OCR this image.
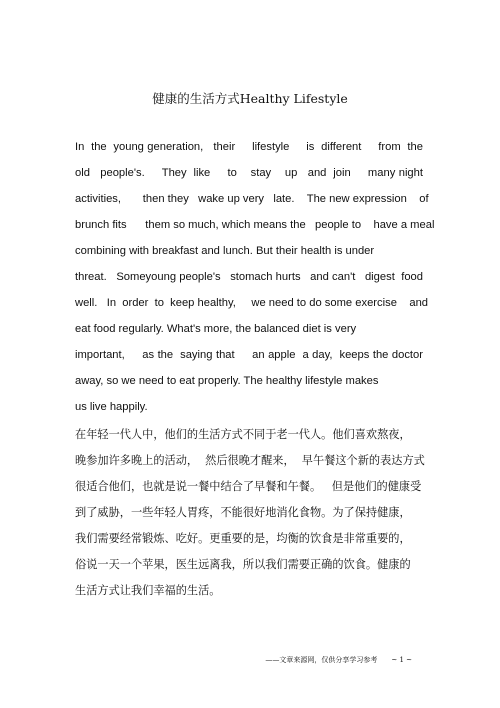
健康的生活方式Healthy Lifestyle
In  the  young generation,   their     lifestyle     is  different     from  the
old   people's.     They  like     to    stay    up   and  join     many night
activities,       then they   wake up very   late.    The new expression    of
brunch fits      them so much, which means the   people to    have a meal
combining with breakfast and lunch. But their health is under
threat.   Someyoung people's   stomach hurts   and can't   digest  food
well.   In  order  to  keep healthy,     we need to do some exercise    and
eat food regularly. What's more, the balanced diet is very
important,     as the  saying that     an apple  a day,  keeps the doctor
away, so we need to eat properly. The healthy lifestyle makes
us live happily.
在年轻一代人中，他们的生活方式不同于老一代人。他们喜欢熬夜，
晚参加许多晚上的活动，  然后很晚才醒来，  早午餐这个新的表达方式
很适合他们，也就是说一餐中结合了早餐和午餐。   但是他们的健康受
到了威胁，一些年轻人胃疼，不能很好地消化食物。为了保持健康，
我们需要经常锻炼、吃好。更重要的是，均衡的饮食是非常重要的，
俗说一天一个苹果，医生远离我，所以我们需要正确的饮食。健康的
生活方式让我们幸福的生活。
——文章来源网，仅供分享学习参考 ~ 1 ~
